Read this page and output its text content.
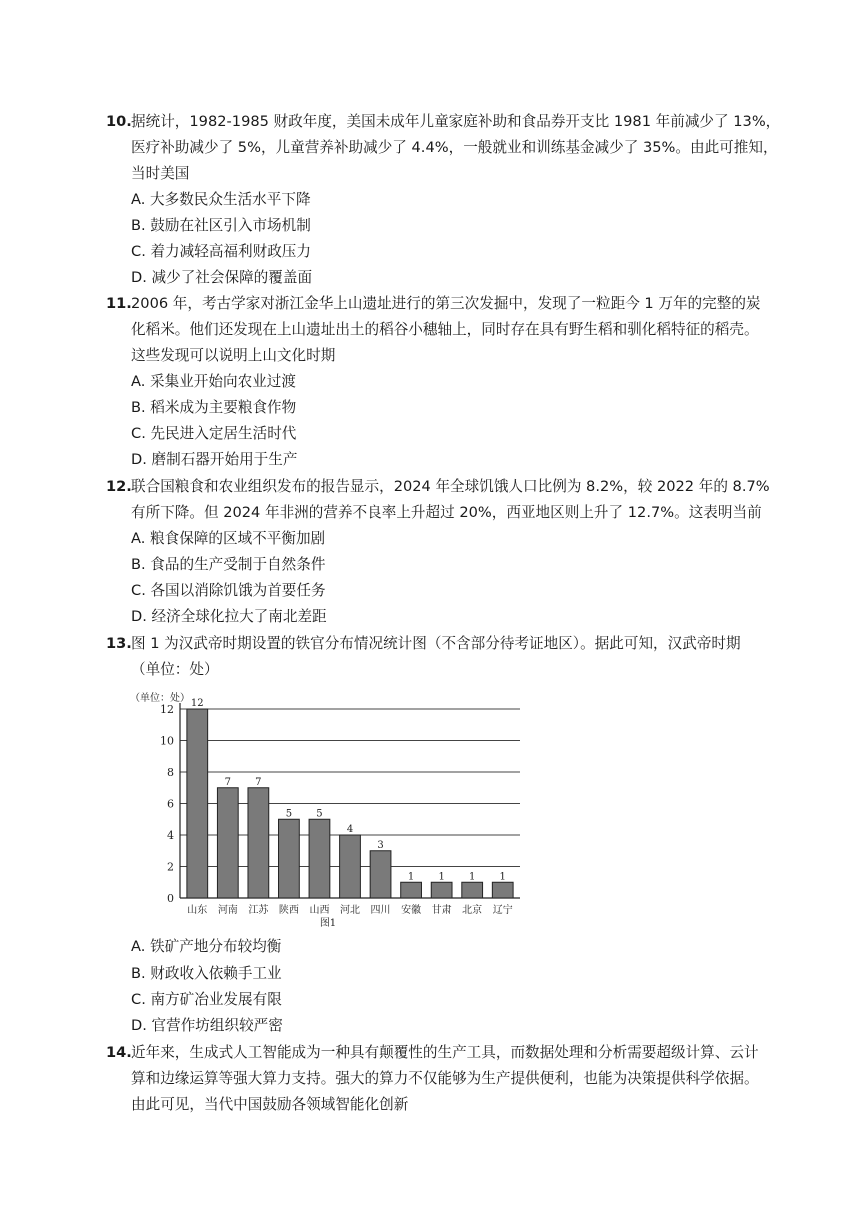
10. 据统计，1982-1985 财政年度，美国未成年儿童家庭补助和食品券开支比 1981 年前减少了 13%，
医疗补助减少了 5%，儿童营养补助减少了 4.4%，一般就业和训练基金减少了 35%。由此可推知，
当时美国
A. 大多数民众生活水平下降
B. 鼓励在社区引入市场机制
C. 着力减轻高福利财政压力
D. 减少了社会保障的覆盖面
11. 2006 年，考古学家对浙江金华上山遗址进行的第三次发掘中，发现了一粒距今 1 万年的完整的炭
化稻米。他们还发现在上山遗址出土的稻谷小穗轴上，同时存在具有野生稻和驯化稻特征的稻壳。
这些发现可以说明上山文化时期
A. 采集业开始向农业过渡
B. 稻米成为主要粮食作物
C. 先民进入定居生活时代
D. 磨制石器开始用于生产
12. 联合国粮食和农业组织发布的报告显示，2024 年全球饥饿人口比例为 8.2%，较 2022 年的 8.7%
有所下降。但 2024 年非洲的营养不良率上升超过 20%，西亚地区则上升了 12.7%。这表明当前
A. 粮食保障的区域不平衡加剧
B. 食品的生产受制于自然条件
C. 各国以消除饥饿为首要任务
D. 经济全球化拉大了南北差距
13. 图 1 为汉武帝时期设置的铁官分布情况统计图（不含部分待考证地区）。据此可知，汉武帝时期
（单位：处）
（单位：处）
0
2
4
6
8
10
12 12
山东
7
河南
7
江苏
5
陕西
5
山西
4
河北
3
四川
1
安徽
1
甘肃
1
北京
1
辽宁
图1
A. 铁矿产地分布较均衡
B. 财政收入依赖手工业
C. 南方矿冶业发展有限
D. 官营作坊组织较严密
14. 近年来，生成式人工智能成为一种具有颠覆性的生产工具，而数据处理和分析需要超级计算、云计
算和边缘运算等强大算力支持。强大的算力不仅能够为生产提供便利，也能为决策提供科学依据。
由此可见，当代中国鼓励各领域智能化创新
